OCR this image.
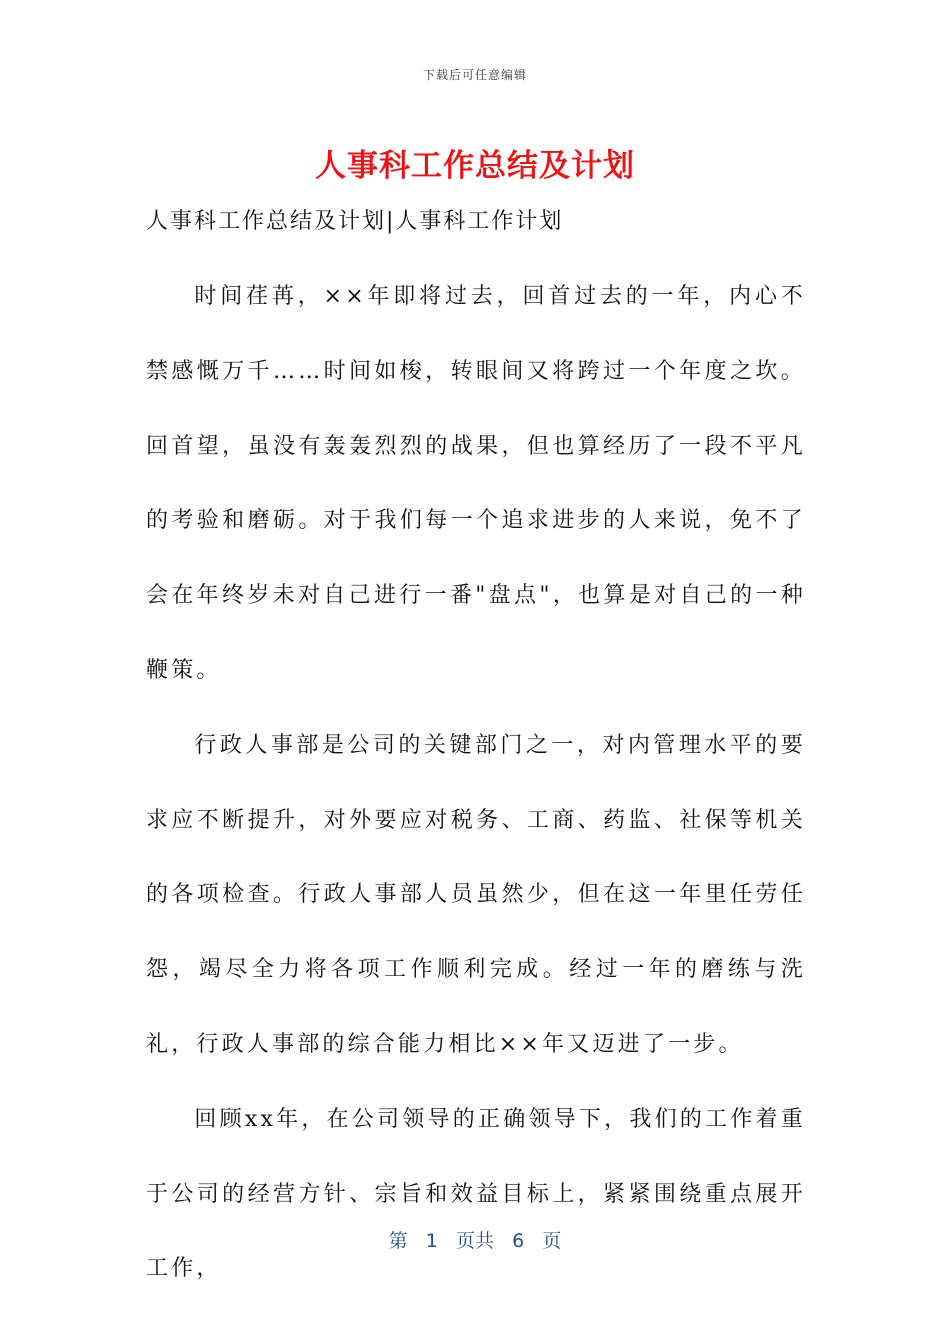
下载后可任意编辑
人事科工作总结及计划
人事科工作总结及计划|人事科工作计划

时间荏苒，××年即将过去，回首过去的一年，内心不禁感慨万千……时间如梭，转眼间又将跨过一个年度之坎。回首望，虽没有轰轰烈烈的战果，但也算经历了一段不平凡的考验和磨砺。对于我们每一个追求进步的人来说，免不了会在年终岁未对自己进行一番"盘点"，也算是对自己的一种鞭策。

行政人事部是公司的关键部门之一，对内管理水平的要求应不断提升，对外要应对税务、工商、药监、社保等机关的各项检查。行政人事部人员虽然少，但在这一年里任劳任怨，竭尽全力将各项工作顺利完成。经过一年的磨练与洗礼，行政人事部的综合能力相比××年又迈进了一步。

回顾xx年，在公司领导的正确领导下，我们的工作着重于公司的经营方针、宗旨和效益目标上，紧紧围绕重点展开工作，

第 1 页共 6 页
